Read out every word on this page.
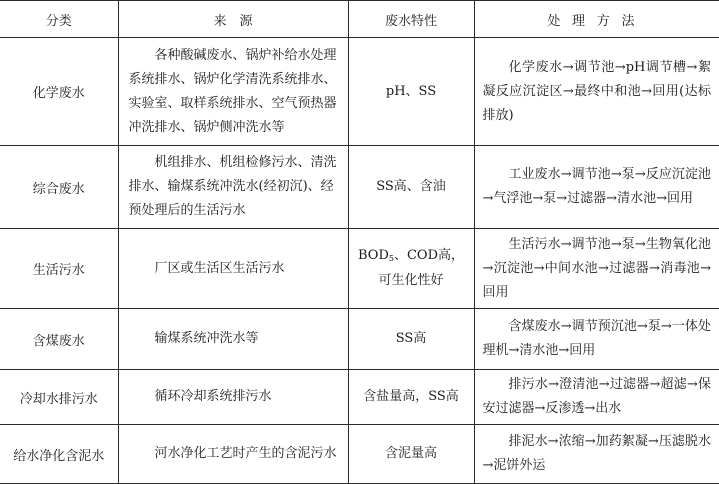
分类	来　源	废水特性	处理方法
化学废水	各种酸碱废水、锅炉补给水处理系统排水、锅炉化学清洗系统排水、实验室、取样系统排水、空气预热器冲洗排水、锅炉侧冲洗水等	pH、SS	化学废水→调节池→pH调节槽→絮凝反应沉淀区→最终中和池→回用(达标排放)
综合废水	机组排水、机组检修污水、清洗排水、输煤系统冲洗水(经初沉)、经预处理后的生活污水	SS高、含油	工业废水→调节池→泵→反应沉淀池→气浮池→泵→过滤器→清水池→回用
生活污水	厂区或生活区生活污水	$BOD_5$、COD高，可生化性好	生活污水→调节池→泵→生物氧化池→沉淀池→中间水池→过滤器→消毒池→回用
含煤废水	输煤系统冲洗水等	SS高	含煤废水→调节预沉池→泵→一体处理机→清水池→回用
冷却水排污水	循环冷却系统排污水	含盐量高，SS高	排污水→澄清池→过滤器→超滤→保安过滤器→反渗透→出水
给水净化含泥水	河水净化工艺时产生的含泥污水	含泥量高	排泥水→浓缩→加药絮凝→压滤脱水→泥饼外运
